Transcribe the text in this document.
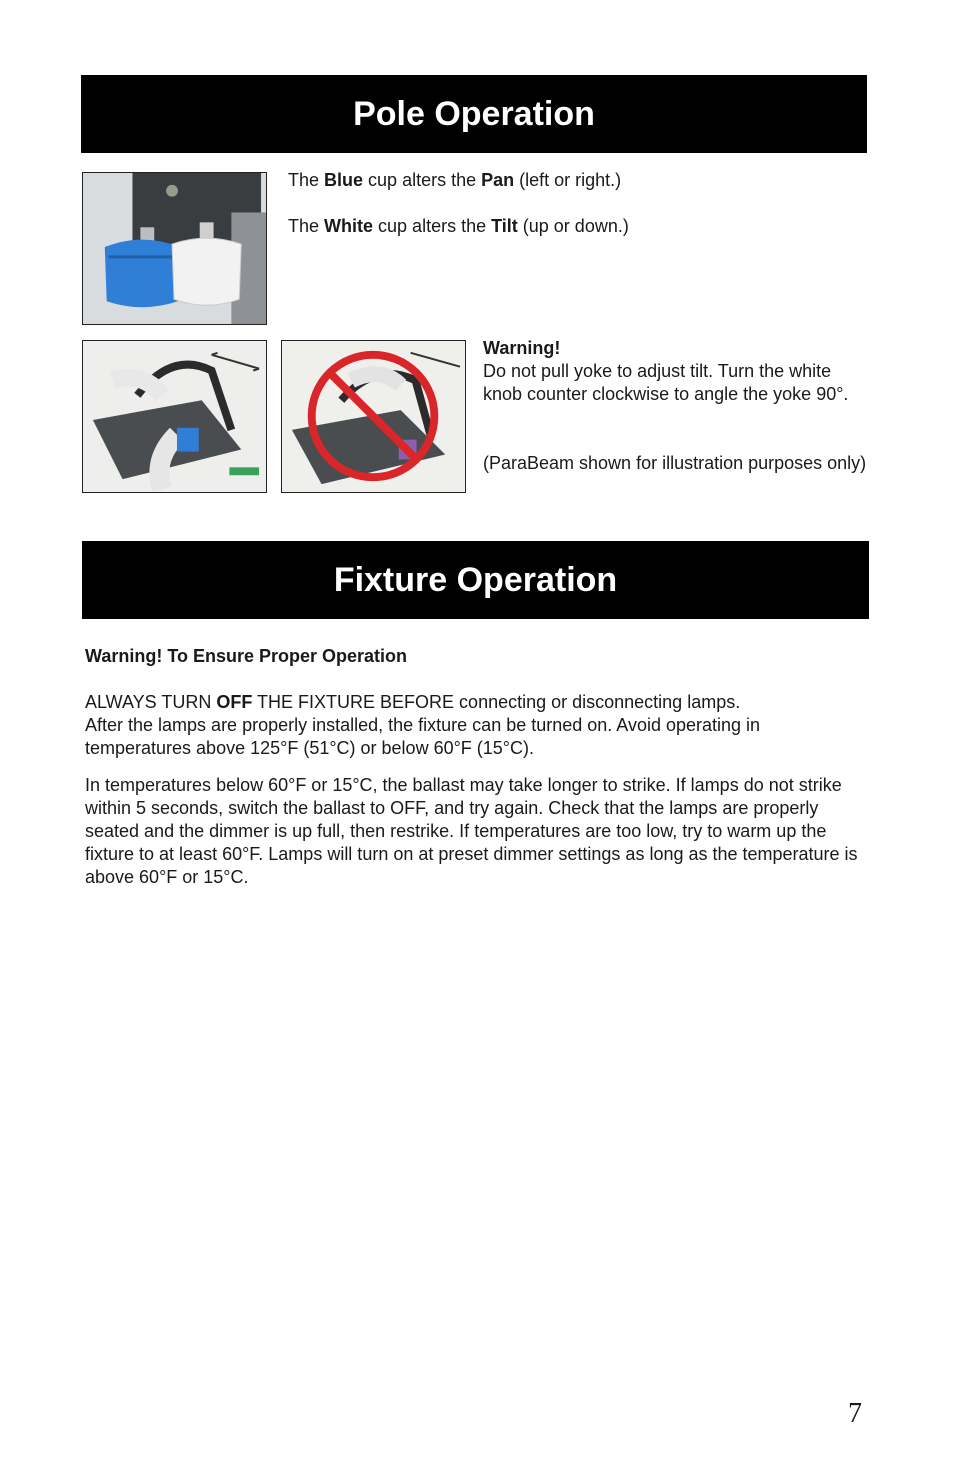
Pole Operation

The Blue cup alters the Pan (left or right.)

The White cup alters the Tilt (up or down.)

Warning!

Do not pull yoke to adjust tilt. Turn the white knob counter clockwise to angle the yoke 90°.

(ParaBeam shown for illustration purposes only)

Fixture Operation

Warning! To Ensure Proper Operation

ALWAYS TURN OFF THE FIXTURE BEFORE connecting or disconnecting lamps.

After the lamps are properly installed, the fixture can be turned on. Avoid operating in temperatures above 125°F (51°C) or below 60°F (15°C).

In temperatures below 60°F or 15°C, the ballast may take longer to strike. If lamps do not strike within 5 seconds, switch the ballast to OFF, and try again. Check that the lamps are properly seated and the dimmer is up full, then restrike. If temperatures are too low, try to warm up the fixture to at least 60°F. Lamps will turn on at preset dimmer settings as long as the temperature is above 60°F or 15°C.

7
